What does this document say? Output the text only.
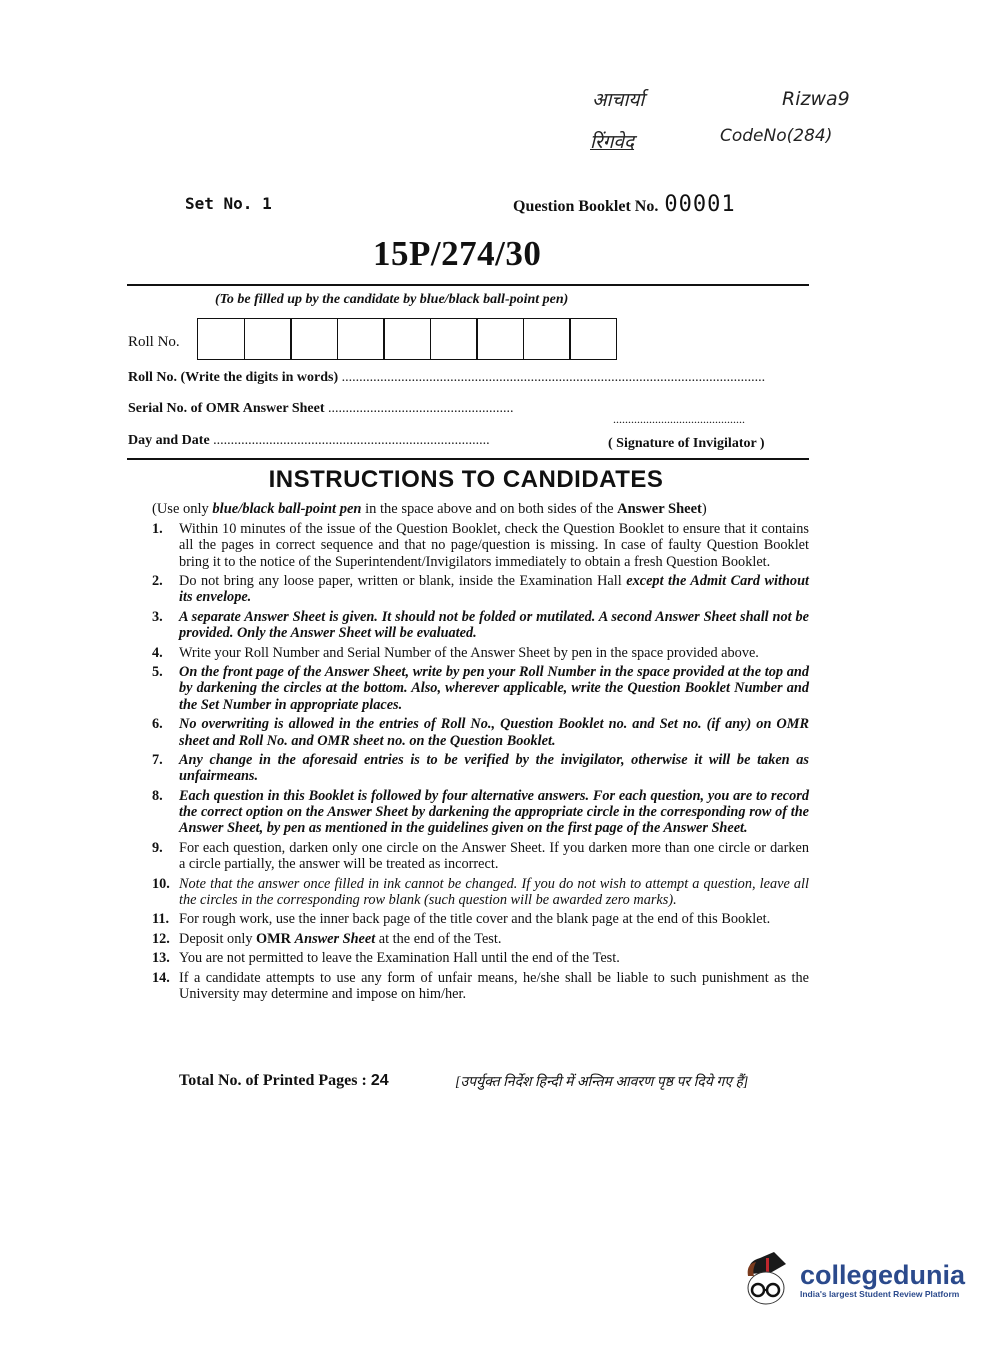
आचार्या	Rizwa9
रिंगवेद	CodeNo(284)
Set No. 1	Question Booklet No. 00001
15P/274/30
(To be filled up by the candidate by blue/black ball-point pen)
Roll No.
Roll No. (Write the digits in words) .........................................................................................................................
Serial No. of OMR Answer Sheet .....................................................
Day and Date ...............................................................................
............................................
( Signature of Invigilator )
INSTRUCTIONS TO CANDIDATES
(Use only blue/black ball-point pen in the space above and on both sides of the Answer Sheet)
1.	Within 10 minutes of the issue of the Question Booklet, check the Question Booklet to ensure that it contains all the pages in correct sequence and that no page/question is missing. In case of faulty Question Booklet bring it to the notice of the Superintendent/Invigilators immediately to obtain a fresh Question Booklet.
2.	Do not bring any loose paper, written or blank, inside the Examination Hall except the Admit Card without its envelope.
3.	A separate Answer Sheet is given. It should not be folded or mutilated. A second Answer Sheet shall not be provided. Only the Answer Sheet will be evaluated.
4.	Write your Roll Number and Serial Number of the Answer Sheet by pen in the space provided above.
5.	On the front page of the Answer Sheet, write by pen your Roll Number in the space provided at the top and by darkening the circles at the bottom. Also, wherever applicable, write the Question Booklet Number and the Set Number in appropriate places.
6.	No overwriting is allowed in the entries of Roll No., Question Booklet no. and Set no. (if any) on OMR sheet and Roll No. and OMR sheet no. on the Question Booklet.
7.	Any change in the aforesaid entries is to be verified by the invigilator, otherwise it will be taken as unfairmeans.
8.	Each question in this Booklet is followed by four alternative answers. For each question, you are to record the correct option on the Answer Sheet by darkening the appropriate circle in the corresponding row of the Answer Sheet, by pen as mentioned in the guidelines given on the first page of the Answer Sheet.
9.	For each question, darken only one circle on the Answer Sheet. If you darken more than one circle or darken a circle partially, the answer will be treated as incorrect.
10. Note that the answer once filled in ink cannot be changed. If you do not wish to attempt a question, leave all the circles in the corresponding row blank (such question will be awarded zero marks).
11. For rough work, use the inner back page of the title cover and the blank page at the end of this Booklet.
12. Deposit only OMR Answer Sheet at the end of the Test.
13. You are not permitted to leave the Examination Hall until the end of the Test.
14. If a candidate attempts to use any form of unfair means, he/she shall be liable to such punishment as the University may determine and impose on him/her.
Total No. of Printed Pages : 24	[उपर्युक्त निर्देश हिन्दी में अन्तिम आवरण पृष्ठ पर दिये गए हैं]
collegedunia
India's largest Student Review Platform
